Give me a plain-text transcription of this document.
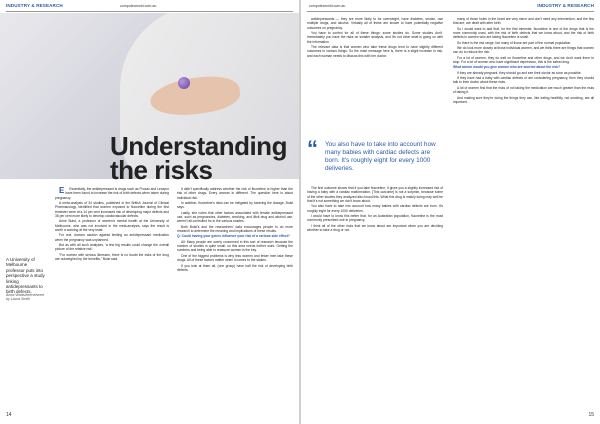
INDUSTRY & RESEARCH	computerworld.com.au
Understanding the risks
A University of Melbourne professor puts into perspective a study linking antidepressants to birth defects.
Anna Watts/interviewed by Laura Smith

E Essentially, the antidepressant is drugs such as Prozac and Lexapro have been found to increase the risk of birth defects when taken during pregnancy.

A meta-analysis of 34 studies, published in the British Journal of Clinical Pharmacology, identified that women exposed to fluoxetine during the first trimester were at a 14 per cent increased risk of developing major defects and 36 per cent more likely to develop cardiovascular defects.

Anne Buist, a professor of women's mental health at the University of Melbourne, who was not involved in the meta-analysis, says the result is worth a warning at the very least.

For one, doctors caution against limiting an antidepressant medication when the pregnancy was unplanned.

But as with all such analyses, 'a few big results could change the overall picture of the relative risk'.

"For women with serious illnesses, there is no doubt the risks of the drug are outweighed by the benefits," Buist said.

It didn't specifically address whether the risk of fluoxetine is higher than the risk of other drugs. Every woman is different. The question here is about individual risk.

In addition, fluoxetine's risks can be mitigated by lowering the dosage, Buist says.

Lastly, she notes that other factors associated with female antidepressant use, such as pregnancies, diabetes, smoking, and illicit drug and alcohol use, weren't all controlled for in the various studies.

Both Buist's and the researchers' data encourages people to do more research to determine the meaning and implications of these results.

Q: Could having your genes influence your risk of a serious side effect?

All: Many people are overly concerned in this sort of research because the number of studies is quite small, so this area needs further work. Getting the numbers and being able to reassure women is the key.

One of the biggest problems is why less women and fewer men take these drugs. All of these factors matter when it comes to the stakes.

If you look at them all, (one group) have half the risk of developing birth defects.

14
computerworld.com.au	INDUSTRY & RESEARCH

antidepressants — they are more likely to be overweight, have diabetes, smoke, use multiple drugs, and alcohol. Virtually all of these are known to have potentially negative outcomes on pregnancy.

You have to control for all of these things: some studies do. Some studies don't. Immediately you have the risks on smaller analysis, and it's not clear what is going on with the information.

The relevant data is that women who take these drugs tend to have slightly different outcomes in various things. So the main message here is, there is a slight increase in risk, and each woman needs to discuss this with her doctor.

“ You also have to take into account how many babies with cardiac defects are born. It's roughly eight for every 1000 deliveries.

The first outcome shows that if you take fluoxetine, it gives you a slightly increased risk of having a baby with a cardiac malformation. [This outcome] is not a surprise, because some of the other studies they analyzed also found this. What this drug is mainly doing may well be that it's not something we don't know about.

You also have to take into account how many babies with cardiac defects are born. It's roughly eight for every 1000 deliveries.

I would have to know this better that, for an Australian population, fluoxetine is the most commonly prescribed one in pregnancy.

I think all of the other risks that we know about are important when you are deciding whether to take a drug or not.

many of those holes in the heart are very minor and don't need any intervention, and the few that are, are dealt with after birth.

So I would want to add that, for the first trimester, fluoxetine is one of the drugs that is the more commonly used, with the risk of birth defects that we know about, and the risk of birth defects in women who are taking fluoxetine is small.

So there is the risk range, but many of those are part of the normal population.

We do look more closely at those individual women, and we think there are things that women can do to reduce the risk.

For a lot of women, they do well on fluoxetine and other drugs, and we don't want them to stop. For a lot of women who have significant depression, this is the safest drug.

What advice would you give women who are worried about the risk?

If they are already pregnant, they should go and see their doctor as soon as possible.

If they have had a baby with cardiac defects or are considering pregnancy, then they should talk to their doctor about these risks.

A lot of women find that the risks of not taking the medication are much greater than the risks of taking it.

And making sure they're doing the things they can, like eating healthily, not smoking, are all important.

15
